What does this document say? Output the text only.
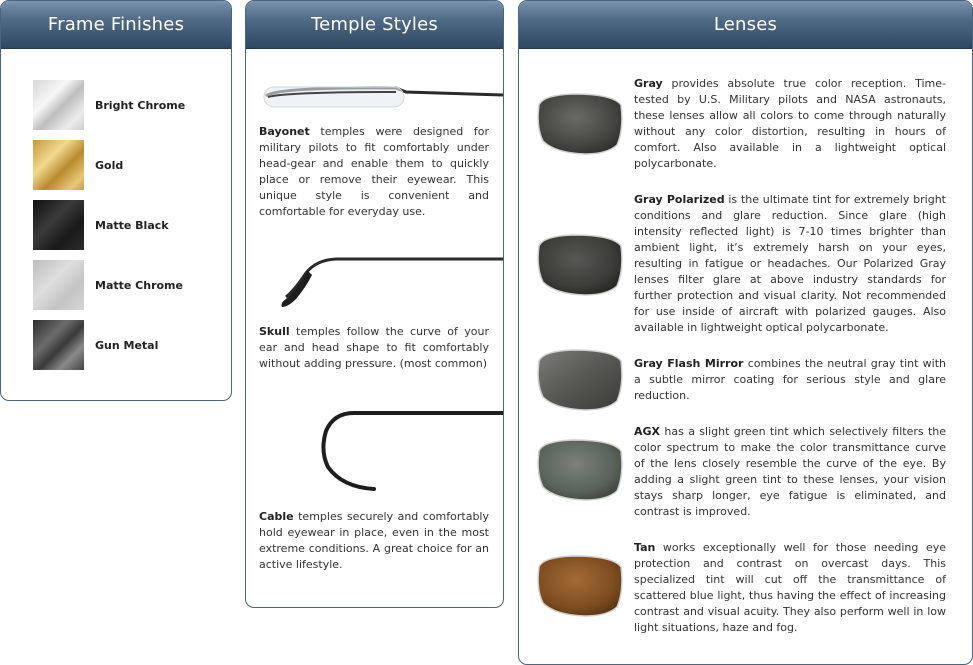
Frame Finishes
Bright Chrome
Gold
Matte Black
Matte Chrome
Gun Metal
Temple Styles

Bayonet temples were designed for military pilots to fit comfortably under head-gear and enable them to quickly place or remove their eyewear. This unique style is convenient and comfortable for everyday use.

Skull temples follow the curve of your ear and head shape to fit comfortably without adding pressure. (most common)

Cable temples securely and comfortably hold eyewear in place, even in the most extreme conditions. A great choice for an active lifestyle.

Lenses

Gray provides absolute true color reception. Time-tested by U.S. Military pilots and NASA astronauts, these lenses allow all colors to come through naturally without any color distortion, resulting in hours of comfort. Also available in a lightweight optical polycarbonate.

Gray Polarized is the ultimate tint for extremely bright conditions and glare reduction. Since glare (high intensity reflected light) is 7-10 times brighter than ambient light, it’s extremely harsh on your eyes, resulting in fatigue or headaches. Our Polarized Gray lenses filter glare at above industry standards for further protection and visual clarity. Not recommended for use inside of aircraft with polarized gauges. Also available in lightweight optical polycarbonate.

Gray Flash Mirror combines the neutral gray tint with a subtle mirror coating for serious style and glare reduction.

AGX has a slight green tint which selectively filters the color spectrum to make the color transmittance curve of the lens closely resemble the curve of the eye. By adding a slight green tint to these lenses, your vision stays sharp longer, eye fatigue is eliminated, and contrast is improved.

Tan works exceptionally well for those needing eye protection and contrast on overcast days. This specialized tint will cut off the transmittance of scattered blue light, thus having the effect of increasing contrast and visual acuity. They also perform well in low light situations, haze and fog.
